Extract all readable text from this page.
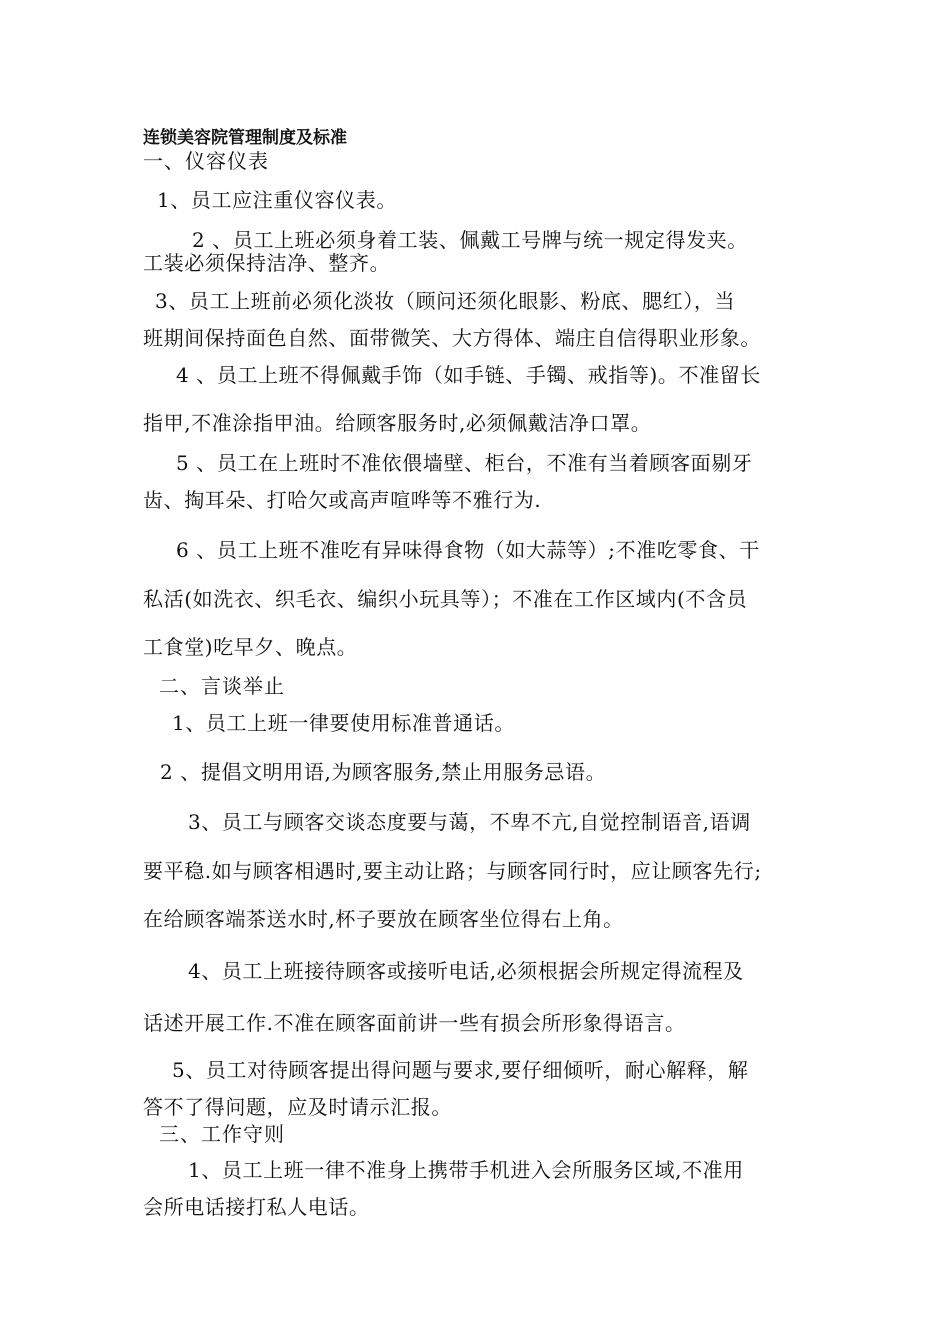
连锁美容院管理制度及标准
一、仪容仪表
1、员工应注重仪容仪表。
2 、员工上班必须身着工装、佩戴工号牌与统一规定得发夹。
工装必须保持洁净、整齐。
3、员工上班前必须化淡妆（顾问还须化眼影、粉底、腮红），当
班期间保持面色自然、面带微笑、大方得体、端庄自信得职业形象。
4 、员工上班不得佩戴手饰（如手链、手镯、戒指等)。不准留长
指甲,不准涂指甲油。给顾客服务时,必须佩戴洁净口罩。
5 、员工在上班时不准依偎墙壁、柜台，不准有当着顾客面剔牙
齿、掏耳朵、打哈欠或高声喧哗等不雅行为.
6 、员工上班不准吃有异味得食物（如大蒜等）;不准吃零食、干
私活(如洗衣、织毛衣、编织小玩具等）；不准在工作区域内(不含员
工食堂)吃早夕、晚点。
二、言谈举止
1、员工上班一律要使用标准普通话。
2 、提倡文明用语,为顾客服务,禁止用服务忌语。
3、员工与顾客交谈态度要与蔼，不卑不亢,自觉控制语音,语调
要平稳.如与顾客相遇时,要主动让路；与顾客同行时，应让顾客先行;
在给顾客端茶送水时,杯子要放在顾客坐位得右上角。
4、员工上班接待顾客或接听电话,必须根据会所规定得流程及
话述开展工作.不准在顾客面前讲一些有损会所形象得语言。
5、员工对待顾客提出得问题与要求,要仔细倾听，耐心解释，解
答不了得问题，应及时请示汇报。
三、工作守则
1、员工上班一律不准身上携带手机进入会所服务区域,不准用
会所电话接打私人电话。
